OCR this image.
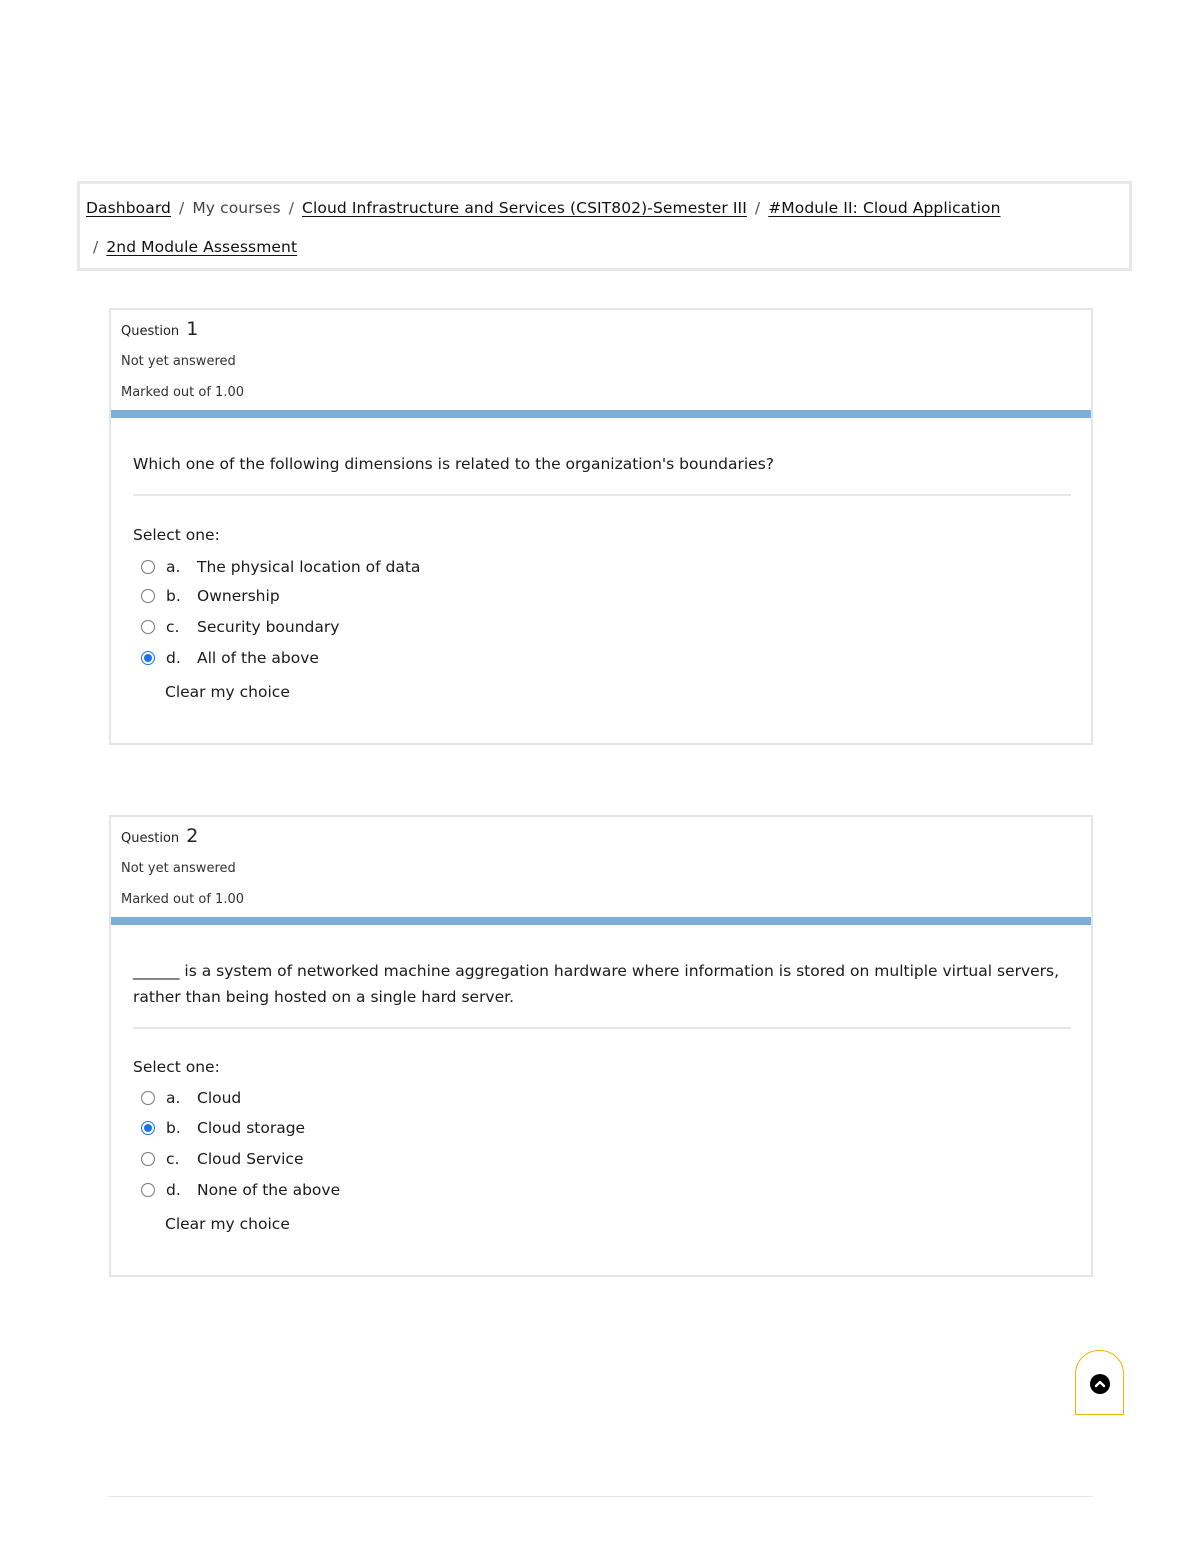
Dashboard / My courses / Cloud Infrastructure and Services (CSIT802)-Semester III / #Module II: Cloud Application
/ 2nd Module Assessment
Question 1
Not yet answered
Marked out of 1.00
Which one of the following dimensions is related to the organization's boundaries?
Select one:
a. The physical location of data
b. Ownership
c. Security boundary
d. All of the above
Clear my choice
Question 2
Not yet answered
Marked out of 1.00
______ is a system of networked machine aggregation hardware where information is stored on multiple virtual servers, rather than being hosted on a single hard server.
Select one:
a. Cloud
b. Cloud storage
c. Cloud Service
d. None of the above
Clear my choice
